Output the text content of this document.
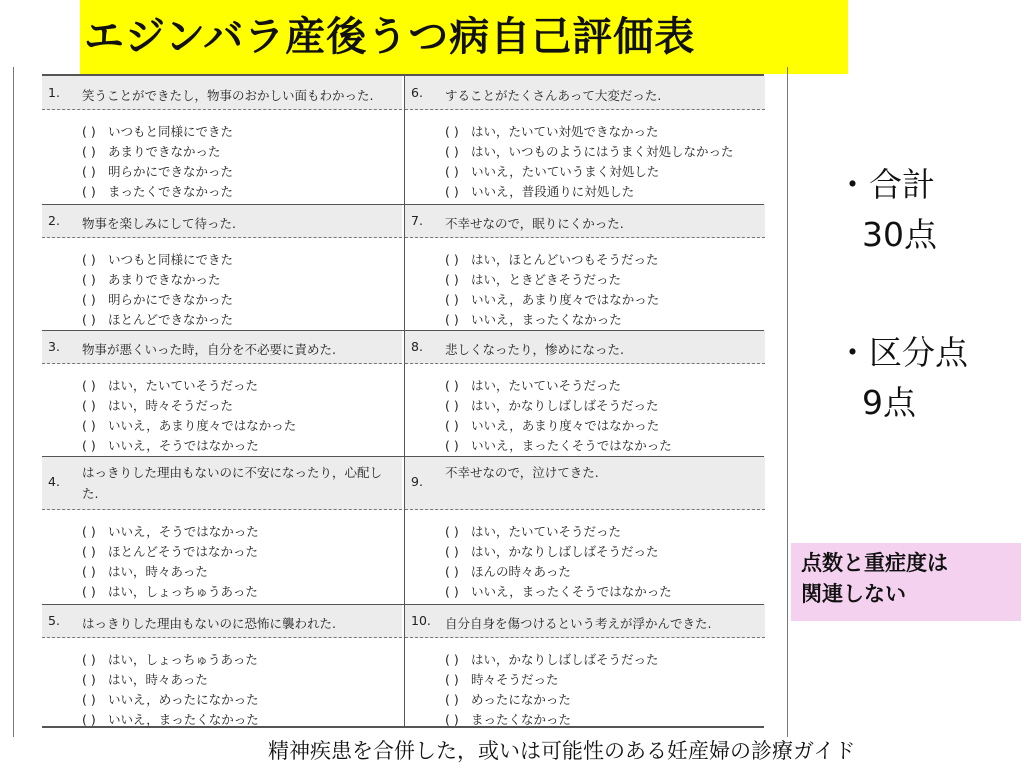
エジンバラ産後うつ病自己評価表
1. 笑うことができたし，物事のおかしい面もわかった.
( ) いつもと同様にできた
( ) あまりできなかった
( ) 明らかにできなかった
( ) まったくできなかった
2. 物事を楽しみにして待った.
( ) いつもと同様にできた
( ) あまりできなかった
( ) 明らかにできなかった
( ) ほとんどできなかった
3. 物事が悪くいった時，自分を不必要に責めた.
( ) はい，たいていそうだった
( ) はい，時々そうだった
( ) いいえ，あまり度々ではなかった
( ) いいえ，そうではなかった
4.
はっきりした理由もないのに不安になったり，心配した.
( ) いいえ，そうではなかった
( ) ほとんどそうではなかった
( ) はい，時々あった
( ) はい，しょっちゅうあった
5. はっきりした理由もないのに恐怖に襲われた.
( ) はい，しょっちゅうあった
( ) はい，時々あった
( ) いいえ，めったになかった
( ) いいえ，まったくなかった
6. することがたくさんあって大変だった.
( ) はい，たいてい対処できなかった
( ) はい，いつものようにはうまく対処しなかった
( ) いいえ，たいていうまく対処した
( ) いいえ，普段通りに対処した
7. 不幸せなので，眠りにくかった.
( ) はい，ほとんどいつもそうだった
( ) はい，ときどきそうだった
( ) いいえ，あまり度々ではなかった
( ) いいえ，まったくなかった
8. 悲しくなったり，惨めになった.
( ) はい，たいていそうだった
( ) はい，かなりしばしばそうだった
( ) いいえ，あまり度々ではなかった
( ) いいえ，まったくそうではなかった
9.
不幸せなので，泣けてきた.
( ) はい，たいていそうだった
( ) はい，かなりしばしばそうだった
( ) ほんの時々あった
( ) いいえ，まったくそうではなかった
10. 自分自身を傷つけるという考えが浮かんできた.
( ) はい，かなりしばしばそうだった
( ) 時々そうだった
( ) めったになかった
( ) まったくなかった
・合計
30点
・区分点
9点
点数と重症度は
関連しない
精神疾患を合併した，或いは可能性のある妊産婦の診療ガイド
